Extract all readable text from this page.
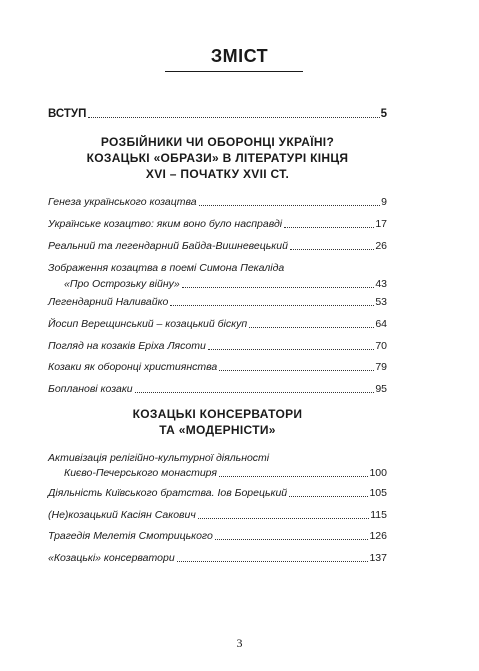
ЗМІСТ
ВСТУП	5
РОЗБІЙНИКИ ЧИ ОБОРОНЦІ УКРАЇНІ?
КОЗАЦЬКІ «ОБРАЗИ» В ЛІТЕРАТУРІ КІНЦЯ
XVI – ПОЧАТКУ XVII СТ.
Генеза українського козацтва	9
Українське козацтво: яким воно було насправді	17
Реальний та легендарний Байда-Вишневецький	26
Зображення козацтва в поемі Симона Пекаліда
«Про Острозьку війну»	43
Легендарний Наливайко	53
Йосип Верещинський – козацький біскуп	64
Погляд на козаків Еріха Лясоти	70
Козаки як оборонці християнства	79
Бопланові козаки	95
КОЗАЦЬКІ КОНСЕРВАТОРИ
ТА «МОДЕРНІСТИ»
Активізація релігійно-культурної діяльності
Києво-Печерського монастиря	100
Діяльність Київського братства. Іов Борецький	105
(Не)козацький Касіян Сакович	115
Трагедія Мелетія Смотрицького	126
«Козацькі» консерватори	137
3
